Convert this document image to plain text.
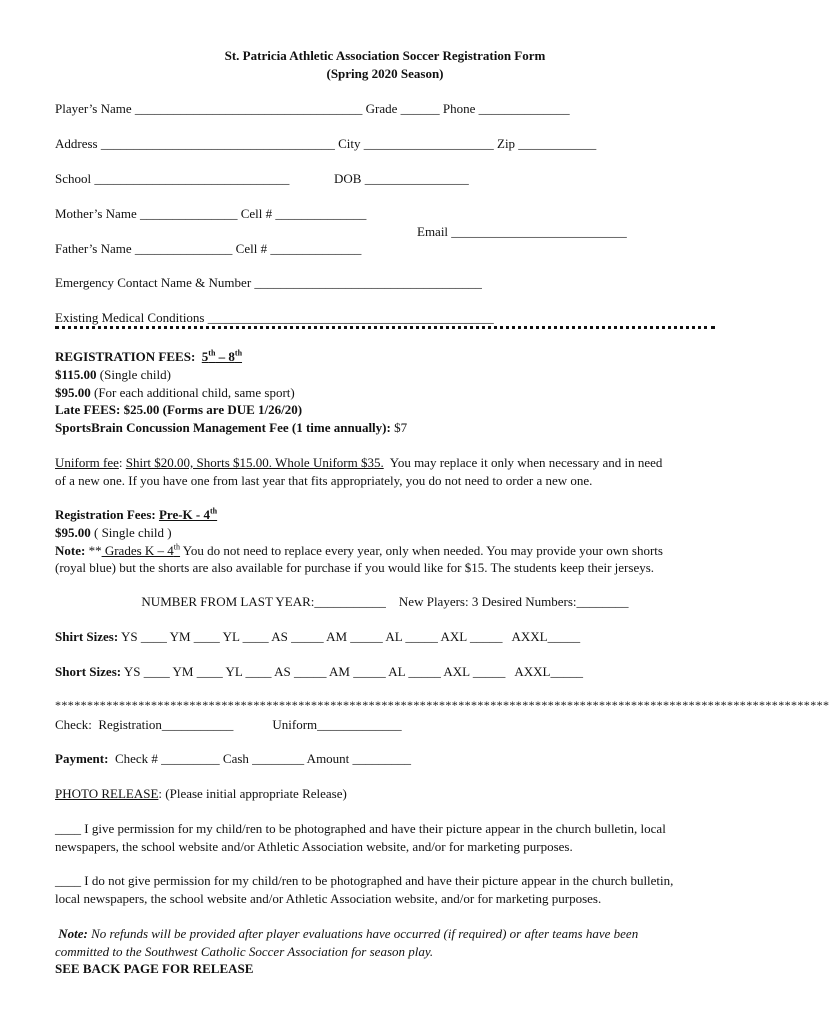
St. Patricia Athletic Association Soccer Registration Form
(Spring 2020 Season)
Player’s Name ___________________________________ Grade ______ Phone ______________
Address ____________________________________ City ____________________ Zip ____________
School ______________________________	DOB ________________
Mother’s Name _______________ Cell # ______________
Email ___________________________
Father’s Name _______________ Cell # ______________
Emergency Contact Name & Number ___________________________________
Existing Medical Conditions ____________________________________________
REGISTRATION FEES:  5th – 8th
$115.00 (Single child)
$95.00 (For each additional child, same sport)
Late FEES: $25.00 (Forms are DUE 1/26/20)
SportsBrain Concussion Management Fee (1 time annually): $7
Uniform fee: Shirt $20.00, Shorts $15.00. Whole Uniform $35.  You may replace it only when necessary and in need
of a new one. If you have one from last year that fits appropriately, you do not need to order a new one.
Registration Fees: Pre-K - 4th
$95.00 ( Single child )
Note: ** Grades K – 4th You do not need to replace every year, only when needed. You may provide your own shorts
(royal blue) but the shorts are also available for purchase if you would like for $15. The students keep their jerseys.
NUMBER FROM LAST YEAR:___________    New Players: 3 Desired Numbers:________
Shirt Sizes: YS ____ YM ____ YL ____ AS _____ AM _____ AL _____ AXL _____   AXXL_____
Short Sizes: YS ____ YM ____ YL ____ AS _____ AM _____ AL _____ AXL _____   AXXL_____
*************************************************************************************************************************
Check:  Registration___________            Uniform_____________
Payment:  Check # _________ Cash ________ Amount _________
PHOTO RELEASE: (Please initial appropriate Release)
____ I give permission for my child/ren to be photographed and have their picture appear in the church bulletin, local
newspapers, the school website and/or Athletic Association website, and/or for marketing purposes.
____ I do not give permission for my child/ren to be photographed and have their picture appear in the church bulletin,
local newspapers, the school website and/or Athletic Association website, and/or for marketing purposes.
Note: No refunds will be provided after player evaluations have occurred (if required) or after teams have been
committed to the Southwest Catholic Soccer Association for season play.
SEE BACK PAGE FOR RELEASE
